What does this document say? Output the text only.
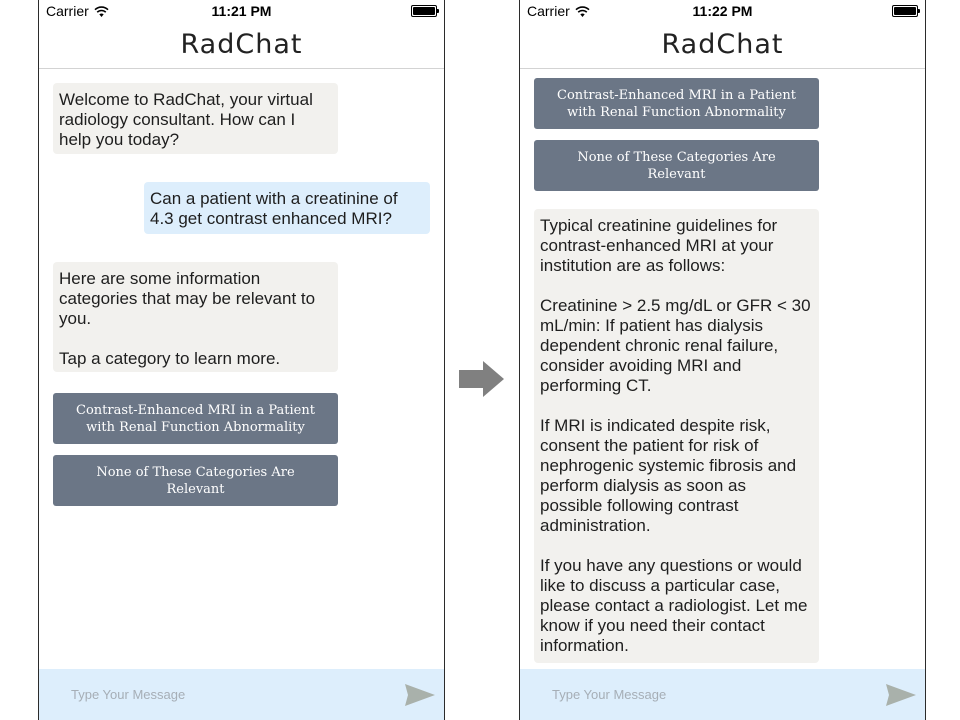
Carrier	11:21 PM
RadChat

Welcome to RadChat, your virtual radiology consultant. How can I help you today?

Can a patient with a creatinine of 4.3 get contrast enhanced MRI?

Here are some information categories that may be relevant to you.

Tap a category to learn more.

Contrast-Enhanced MRI in a Patient with Renal Function Abnormality
None of These Categories Are Relevant
Type Your Message
Carrier	11:22 PM
RadChat
Contrast-Enhanced MRI in a Patient with Renal Function Abnormality
None of These Categories Are Relevant

Typical creatinine guidelines for contrast-enhanced MRI at your institution are as follows:

Creatinine > 2.5 mg/dL or GFR < 30 mL/min: If patient has dialysis dependent chronic renal failure, consider avoiding MRI and performing CT.

If MRI is indicated despite risk, consent the patient for risk of nephrogenic systemic fibrosis and perform dialysis as soon as possible following contrast administration.

If you have any questions or would like to discuss a particular case, please contact a radiologist. Let me know if you need their contact information.

Type Your Message
